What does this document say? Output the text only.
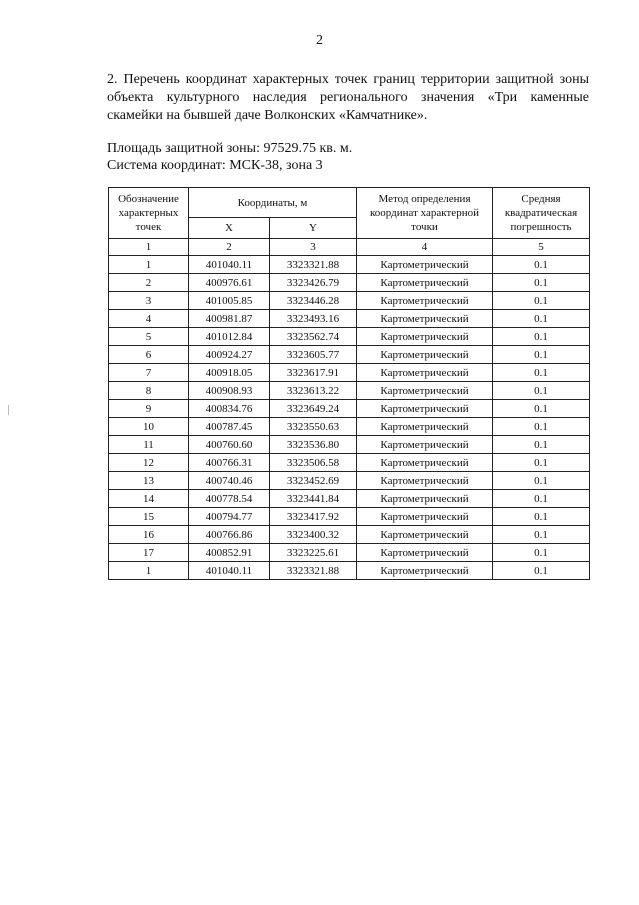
2
2. Перечень координат характерных точек границ территории защитной зоны
объекта культурного наследия регионального значения «Три каменные
скамейки на бывшей даче Волконских «Камчатнике».
Площадь защитной зоны: 97529.75 кв. м.
Система координат: МСК-38, зона 3
Обозначение характерных точек	Координаты, м		Метод определения координат характерной точки	Средняя квадратическая погрешность
	X	Y		
1	2	3	4	5
1	401040.11	3323321.88	Картометрический	0.1
2	400976.61	3323426.79	Картометрический	0.1
3	401005.85	3323446.28	Картометрический	0.1
4	400981.87	3323493.16	Картометрический	0.1
5	401012.84	3323562.74	Картометрический	0.1
6	400924.27	3323605.77	Картометрический	0.1
7	400918.05	3323617.91	Картометрический	0.1
8	400908.93	3323613.22	Картометрический	0.1
9	400834.76	3323649.24	Картометрический	0.1
10	400787.45	3323550.63	Картометрический	0.1
11	400760.60	3323536.80	Картометрический	0.1
12	400766.31	3323506.58	Картометрический	0.1
13	400740.46	3323452.69	Картометрический	0.1
14	400778.54	3323441.84	Картометрический	0.1
15	400794.77	3323417.92	Картометрический	0.1
16	400766.86	3323400.32	Картометрический	0.1
17	400852.91	3323225.61	Картометрический	0.1
1	401040.11	3323321.88	Картометрический	0.1
